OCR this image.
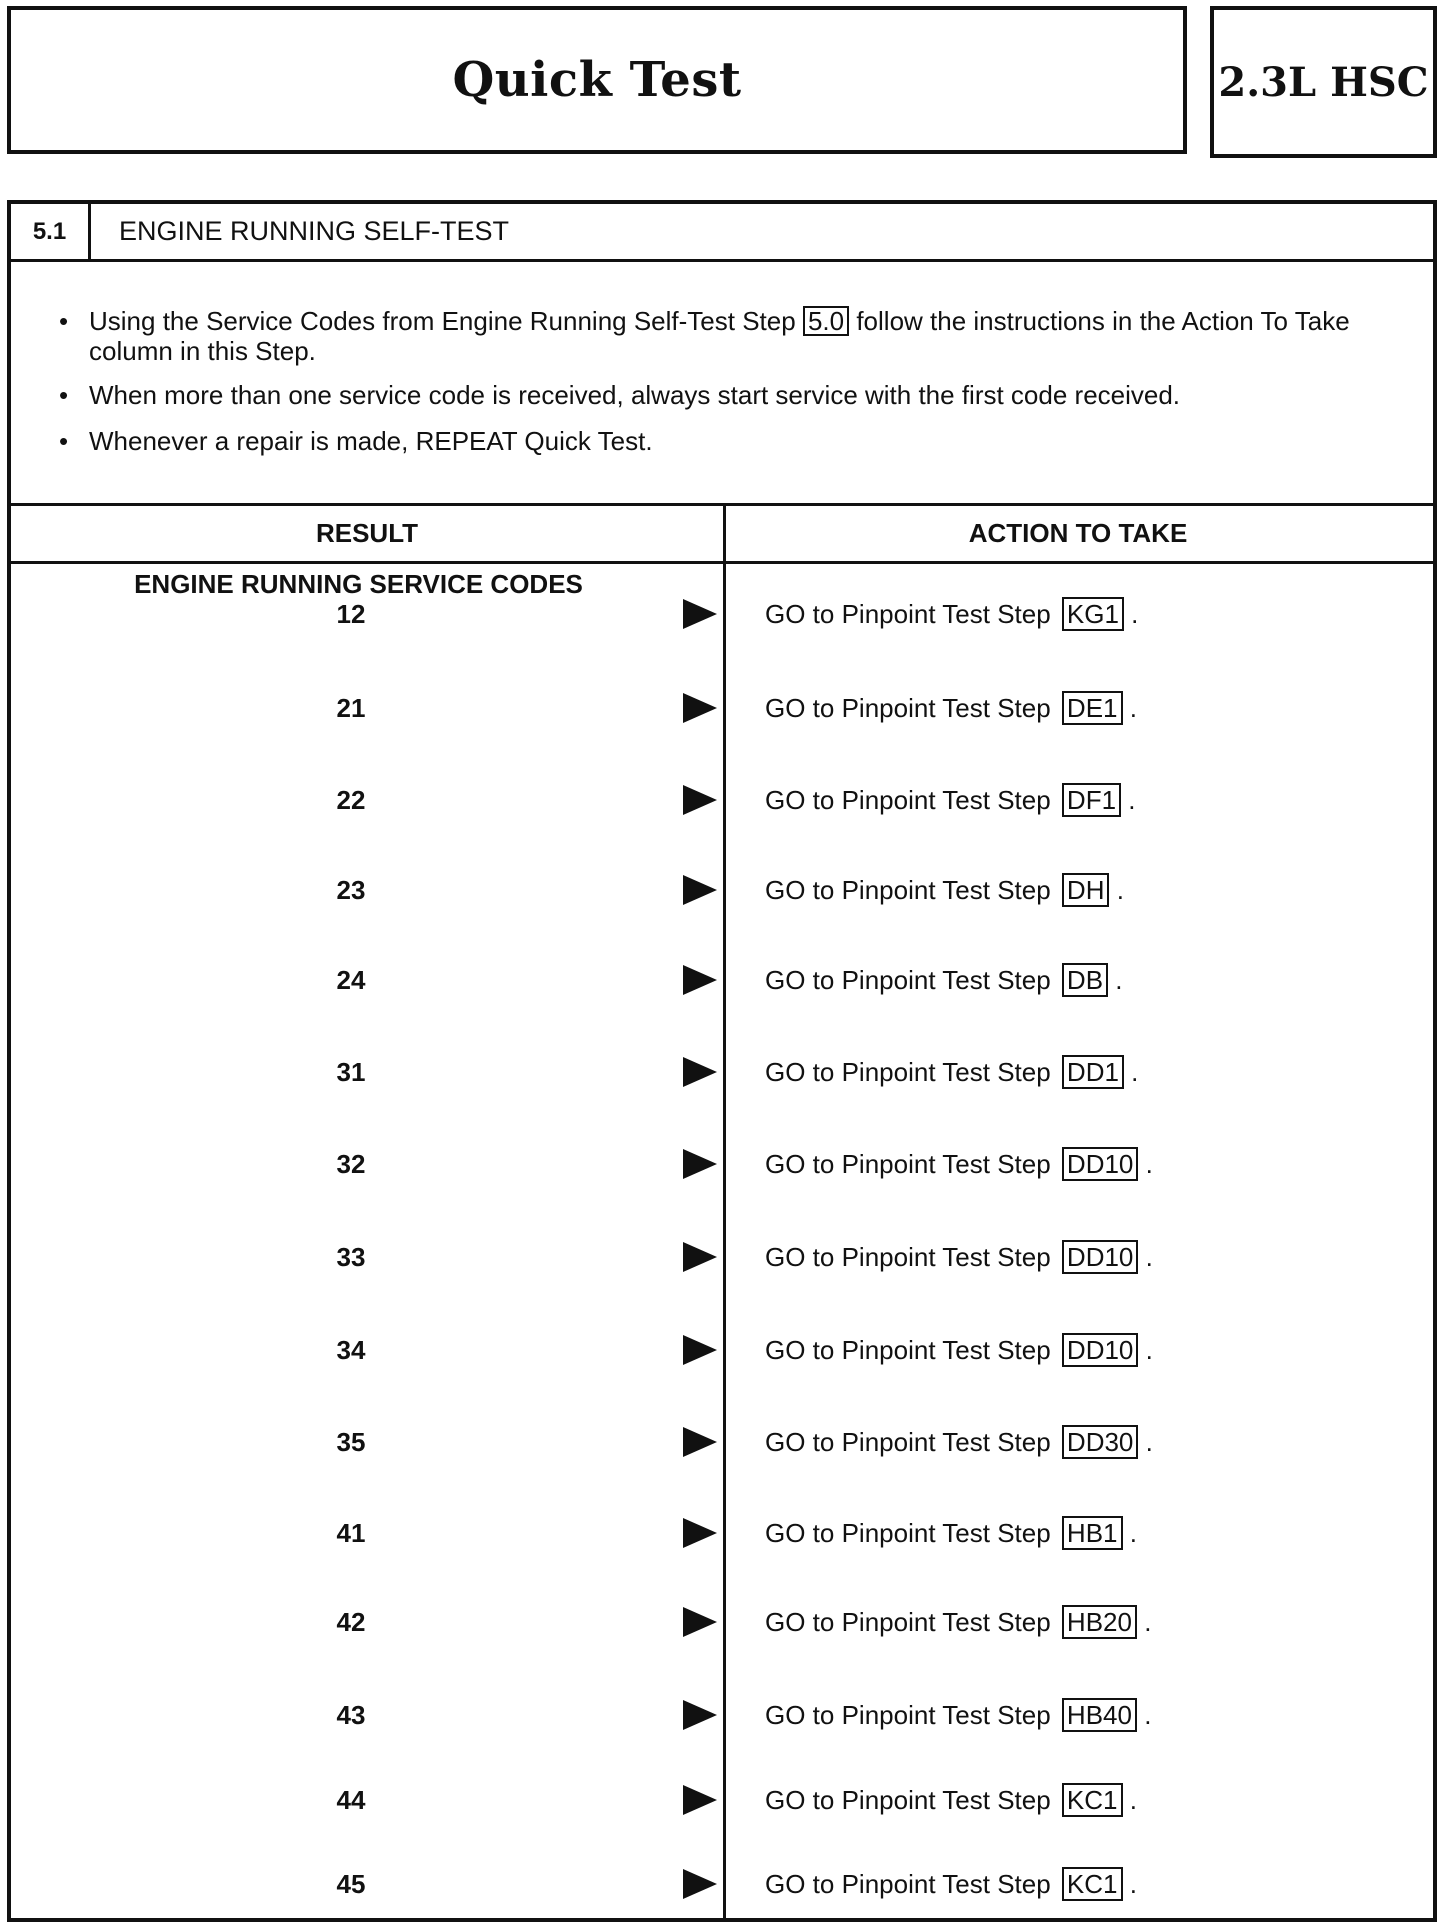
Quick Test	2.3L HSC
5.1	ENGINE RUNNING SELF-TEST
• Using the Service Codes from Engine Running Self-Test Step 5.0 follow the instructions in the Action To Take column in this Step.
• When more than one service code is received, always start service with the first code received.
• Whenever a repair is made, REPEAT Quick Test.
RESULT	ACTION TO TAKE
ENGINE RUNNING SERVICE CODES
12	GO to Pinpoint Test Step KG1 .
21	GO to Pinpoint Test Step DE1 .
22	GO to Pinpoint Test Step DF1 .
23	GO to Pinpoint Test Step DH .
24	GO to Pinpoint Test Step DB .
31	GO to Pinpoint Test Step DD1 .
32	GO to Pinpoint Test Step DD10 .
33	GO to Pinpoint Test Step DD10 .
34	GO to Pinpoint Test Step DD10 .
35	GO to Pinpoint Test Step DD30 .
41	GO to Pinpoint Test Step HB1 .
42	GO to Pinpoint Test Step HB20 .
43	GO to Pinpoint Test Step HB40 .
44	GO to Pinpoint Test Step KC1 .
45	GO to Pinpoint Test Step KC1 .
